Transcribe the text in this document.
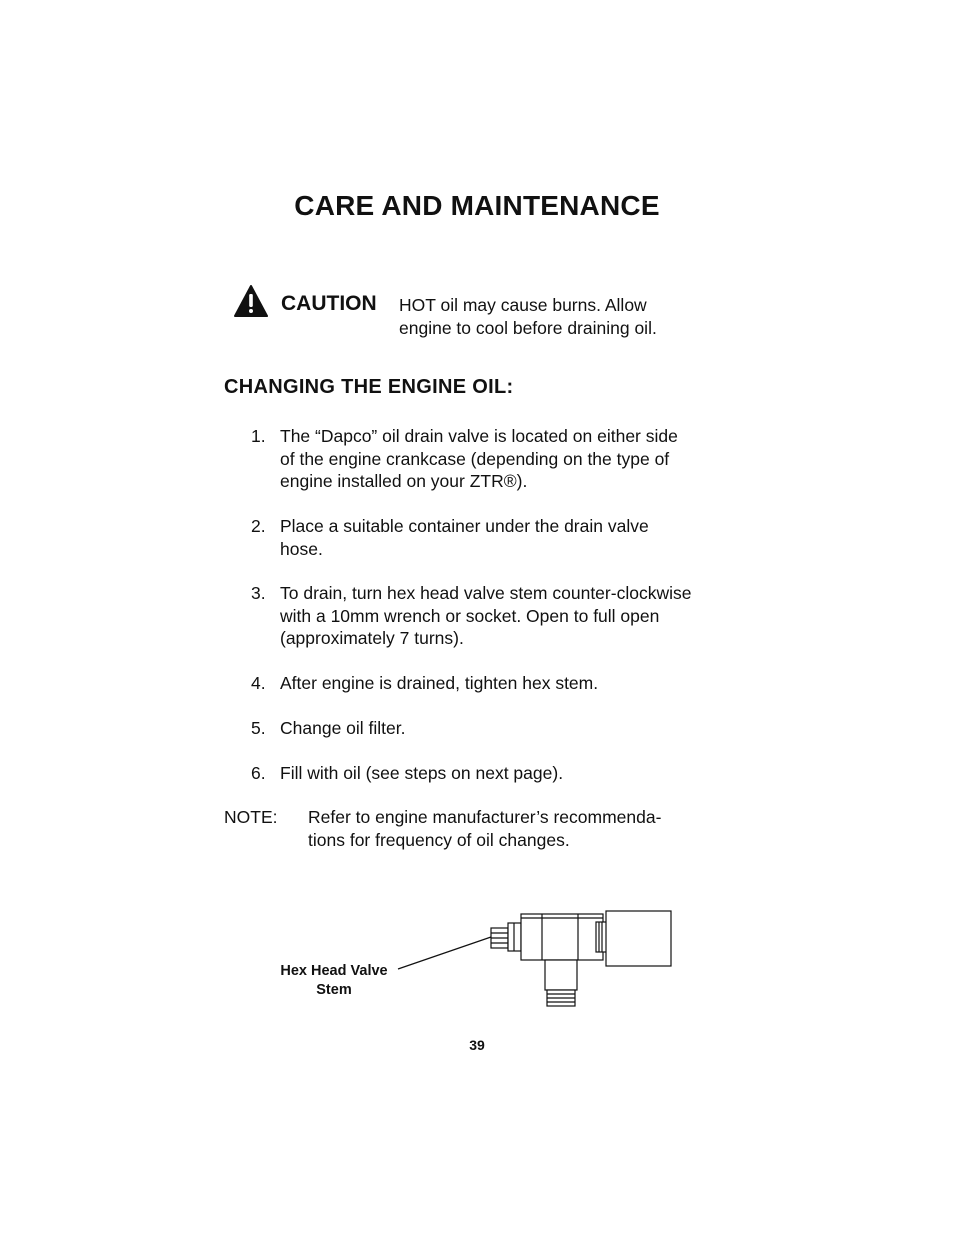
CARE AND MAINTENANCE
CAUTION HOT oil may cause burns. Allow
engine to cool before draining oil.
CHANGING THE ENGINE OIL:
1. The “Dapco” oil drain valve is located on either side
of the engine crankcase (depending on the type of
engine installed on your ZTR®).
2. Place a suitable container under the drain valve
hose.
3. To drain, turn hex head valve stem counter-clockwise
with a 10mm wrench or socket. Open to full open
(approximately 7 turns).
4. After engine is drained, tighten hex stem.
5. Change oil filter.
6. Fill with oil (see steps on next page).
NOTE: Refer to engine manufacturer’s recommenda-
tions for frequency of oil changes.
Hex Head Valve
Stem
39
